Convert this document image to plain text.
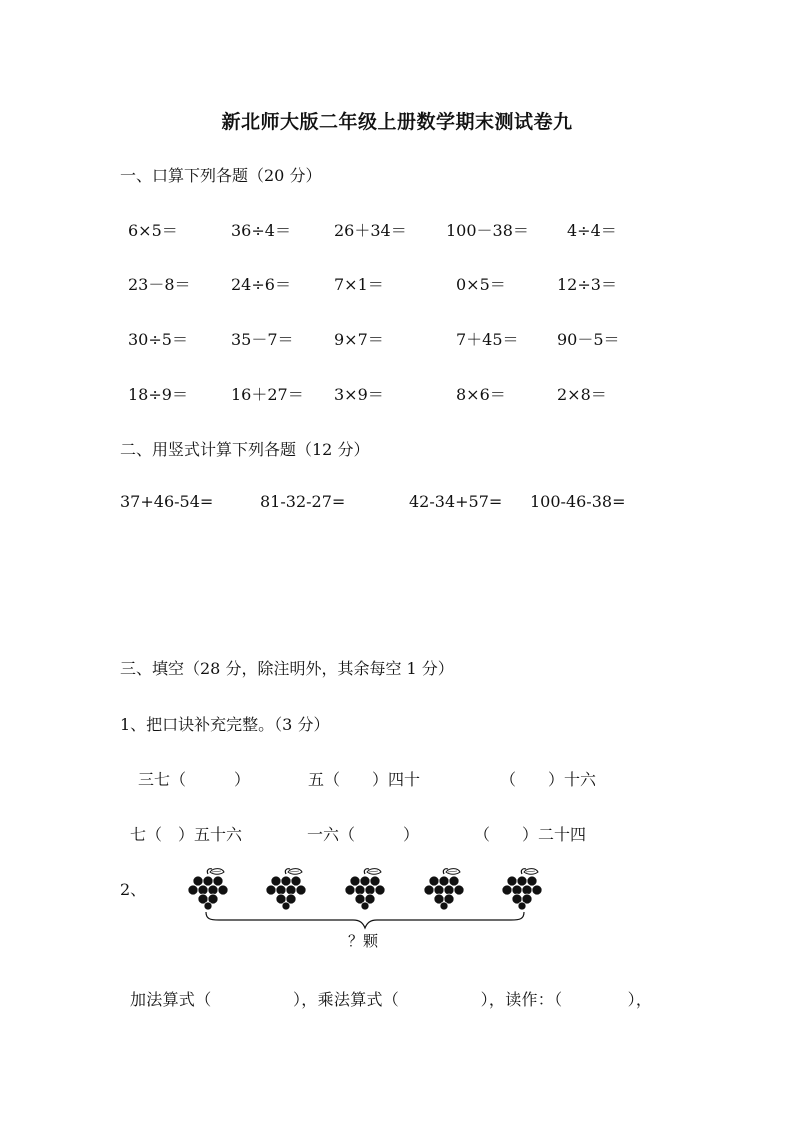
新北师大版二年级上册数学期末测试卷九
一、口算下列各题（20 分）
6×5＝	36÷4＝	26＋34＝ 100－38＝ 4÷4＝
23－8＝	24÷6＝	7×1＝	0×5＝	12÷3＝
30÷5＝	35－7＝	9×7＝	7＋45＝ 90－5＝
18÷9＝	16＋27＝ 3×9＝	8×6＝	2×8＝
二、用竖式计算下列各题（12 分）
37+46-54=	81-32-27=	42-34+57= 100-46-38=
三、填空（28 分，除注明外，其余每空 1 分）
1、把口诀补充完整。（3 分）
三七（　　　）	五（　　）四十	（　　）十六
七（　）五十六	一六（　　　）	（　　）二十四
2、
？颗
加法算式（　　　　　），乘法算式（　　　　　），读作：（　　　　），
